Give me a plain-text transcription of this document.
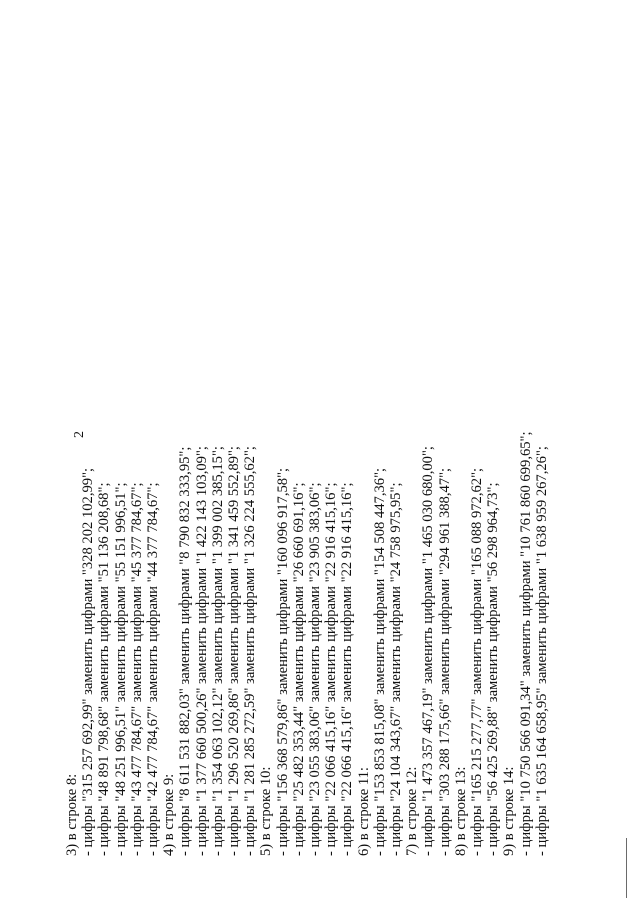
2
3) в строке 8: - цифры "315 257 692,99" заменить цифрами "328 202 102,99"; - цифры "48 891 798,68" заменить цифрами "51 136 208,68"; - цифры "48 251 996,51" заменить цифрами "55 151 996,51"; - цифры "43 477 784,67" заменить цифрами "45 377 784,67"; - цифры "42 477 784,67" заменить цифрами "44 377 784,67"; 4) в строке 9: - цифры "8 611 531 882,03" заменить цифрами "8 790 832 333,95"; - цифры "1 377 660 500,26" заменить цифрами "1 422 143 103,09"; - цифры "1 354 063 102,12" заменить цифрами "1 399 002 385,15"; - цифры "1 296 520 269,86" заменить цифрами "1 341 459 552,89"; - цифры "1 281 285 272,59" заменить цифрами "1 326 224 555,62"; 5) в строке 10: - цифры "156 368 579,86" заменить цифрами "160 096 917,58"; - цифры "25 482 353,44" заменить цифрами "26 660 691,16"; - цифры "23 055 383,06" заменить цифрами "23 905 383,06"; - цифры "22 066 415,16" заменить цифрами "22 916 415,16"; - цифры "22 066 415,16" заменить цифрами "22 916 415,16"; 6) в строке 11: - цифры "153 853 815,08" заменить цифрами "154 508 447,36"; - цифры "24 104 343,67" заменить цифрами "24 758 975,95"; 7) в строке 12: - цифры "1 473 357 467,19" заменить цифрами "1 465 030 680,00"; - цифры "303 288 175,66" заменить цифрами "294 961 388,47"; 8) в строке 13: - цифры "165 215 277,77" заменить цифрами "165 088 972,62"; - цифры "56 425 269,88" заменить цифрами "56 298 964,73"; 9) в строке 14: - цифры "10 750 566 091,34" заменить цифрами "10 761 860 699,65"; - цифры "1 635 164 658,95" заменить цифрами "1 638 959 267,26";
